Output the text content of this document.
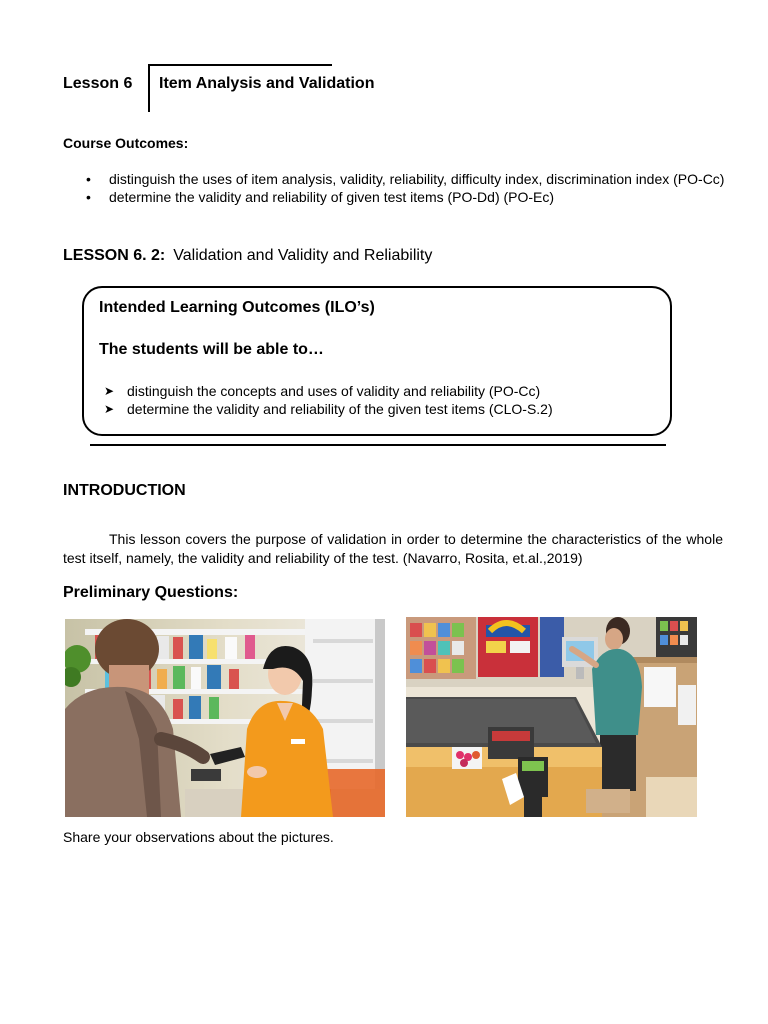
Lesson 6 Item Analysis and Validation
Course Outcomes:
• distinguish the uses of item analysis, validity, reliability, difficulty index, discrimination index (PO-Cc)
• determine the validity and reliability of given test items (PO-Dd) (PO-Ec)
LESSON 6. 2: Validation and Validity and Reliability
Intended Learning Outcomes (ILO’s)
The students will be able to…
➤ distinguish the concepts and uses of validity and reliability (PO-Cc)
➤ determine the validity and reliability of the given test items (CLO-S.2)
INTRODUCTION

This lesson covers the purpose of validation in order to determine the characteristics of the whole test itself, namely, the validity and reliability of the test. (Navarro, Rosita, et.al.,2019)

Preliminary Questions:
Share your observations about the pictures.
